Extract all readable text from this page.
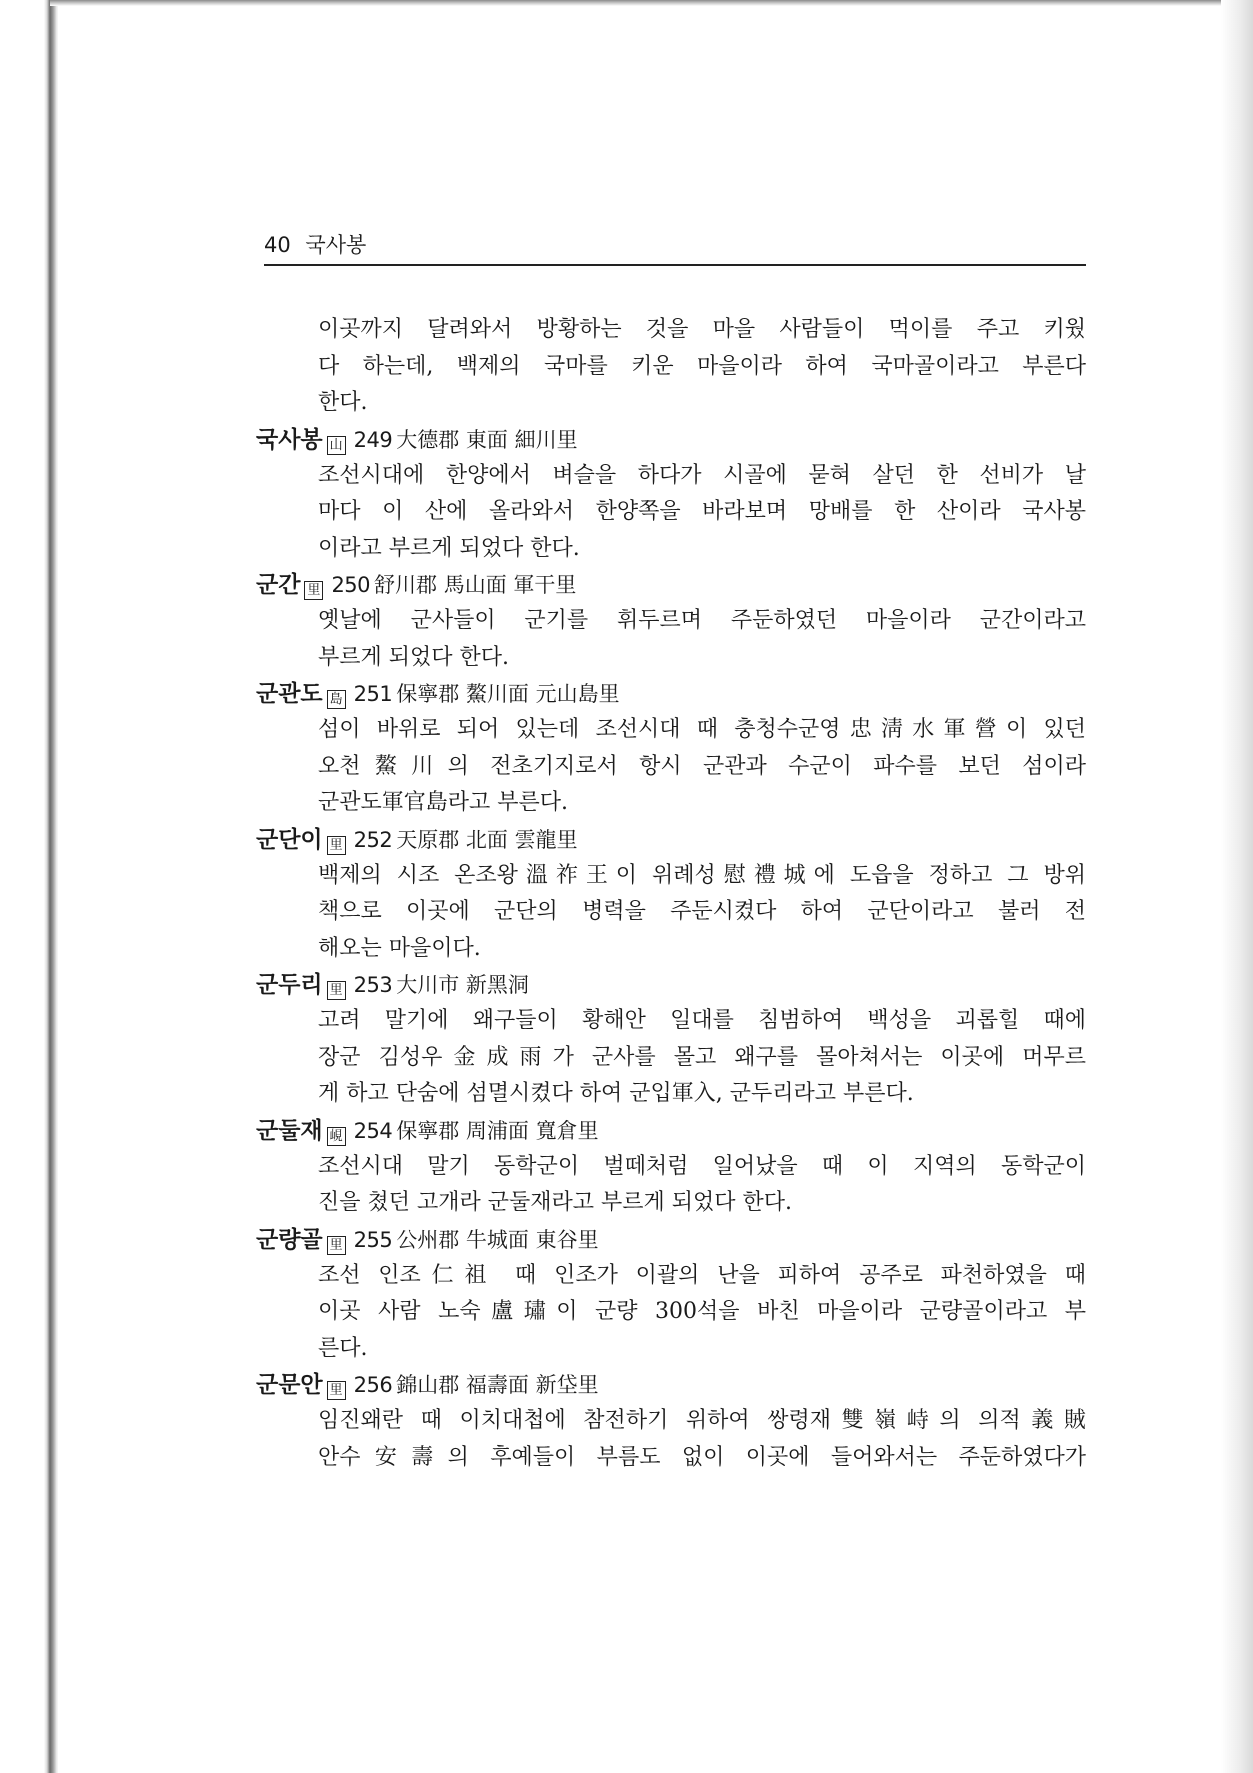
40 국사봉
이곳까지 달려와서 방황하는 것을 마을 사람들이 먹이를 주고 키웠
다 하는데, 백제의 국마를 키운 마을이라 하여 국마골이라고 부른다
한다.
국사봉 山 249 大德郡 東面 細川里
조선시대에 한양에서 벼슬을 하다가 시골에 묻혀 살던 한 선비가 날
마다 이 산에 올라와서 한양쪽을 바라보며 망배를 한 산이라 국사봉
이라고 부르게 되었다 한다.
군간 里 250 舒川郡 馬山面 軍干里
옛날에 군사들이 군기를 휘두르며 주둔하였던 마을이라 군간이라고
부르게 되었다 한다.
군관도 島 251 保寧郡 鰲川面 元山島里
섬이 바위로 되어 있는데 조선시대 때 충청수군영忠淸水軍營이 있던
오천鰲川의 전초기지로서 항시 군관과 수군이 파수를 보던 섬이라
군관도軍官島라고 부른다.
군단이 里 252 天原郡 北面 雲龍里
백제의 시조 온조왕溫祚王이 위례성慰禮城에 도읍을 정하고 그 방위
책으로 이곳에 군단의 병력을 주둔시켰다 하여 군단이라고 불러 전
해오는 마을이다.
군두리 里 253 大川市 新黑洞
고려 말기에 왜구들이 황해안 일대를 침범하여 백성을 괴롭힐 때에
장군 김성우金成雨가 군사를 몰고 왜구를 몰아쳐서는 이곳에 머무르
게 하고 단숨에 섬멸시켰다 하여 군입軍入, 군두리라고 부른다.
군둘재 峴 254 保寧郡 周浦面 寬倉里
조선시대 말기 동학군이 벌떼처럼 일어났을 때 이 지역의 동학군이
진을 쳤던 고개라 군둘재라고 부르게 되었다 한다.
군량골 里 255 公州郡 牛城面 東谷里
조선 인조仁祖 때 인조가 이괄의 난을 피하여 공주로 파천하였을 때
이곳 사람 노숙盧璛이 군량 300석을 바친 마을이라 군량골이라고 부
른다.
군문안 里 256 錦山郡 福壽面 新垈里
임진왜란 때 이치대첩에 참전하기 위하여 쌍령재雙嶺峙의 의적義賊
안수安壽의 후예들이 부름도 없이 이곳에 들어와서는 주둔하였다가
